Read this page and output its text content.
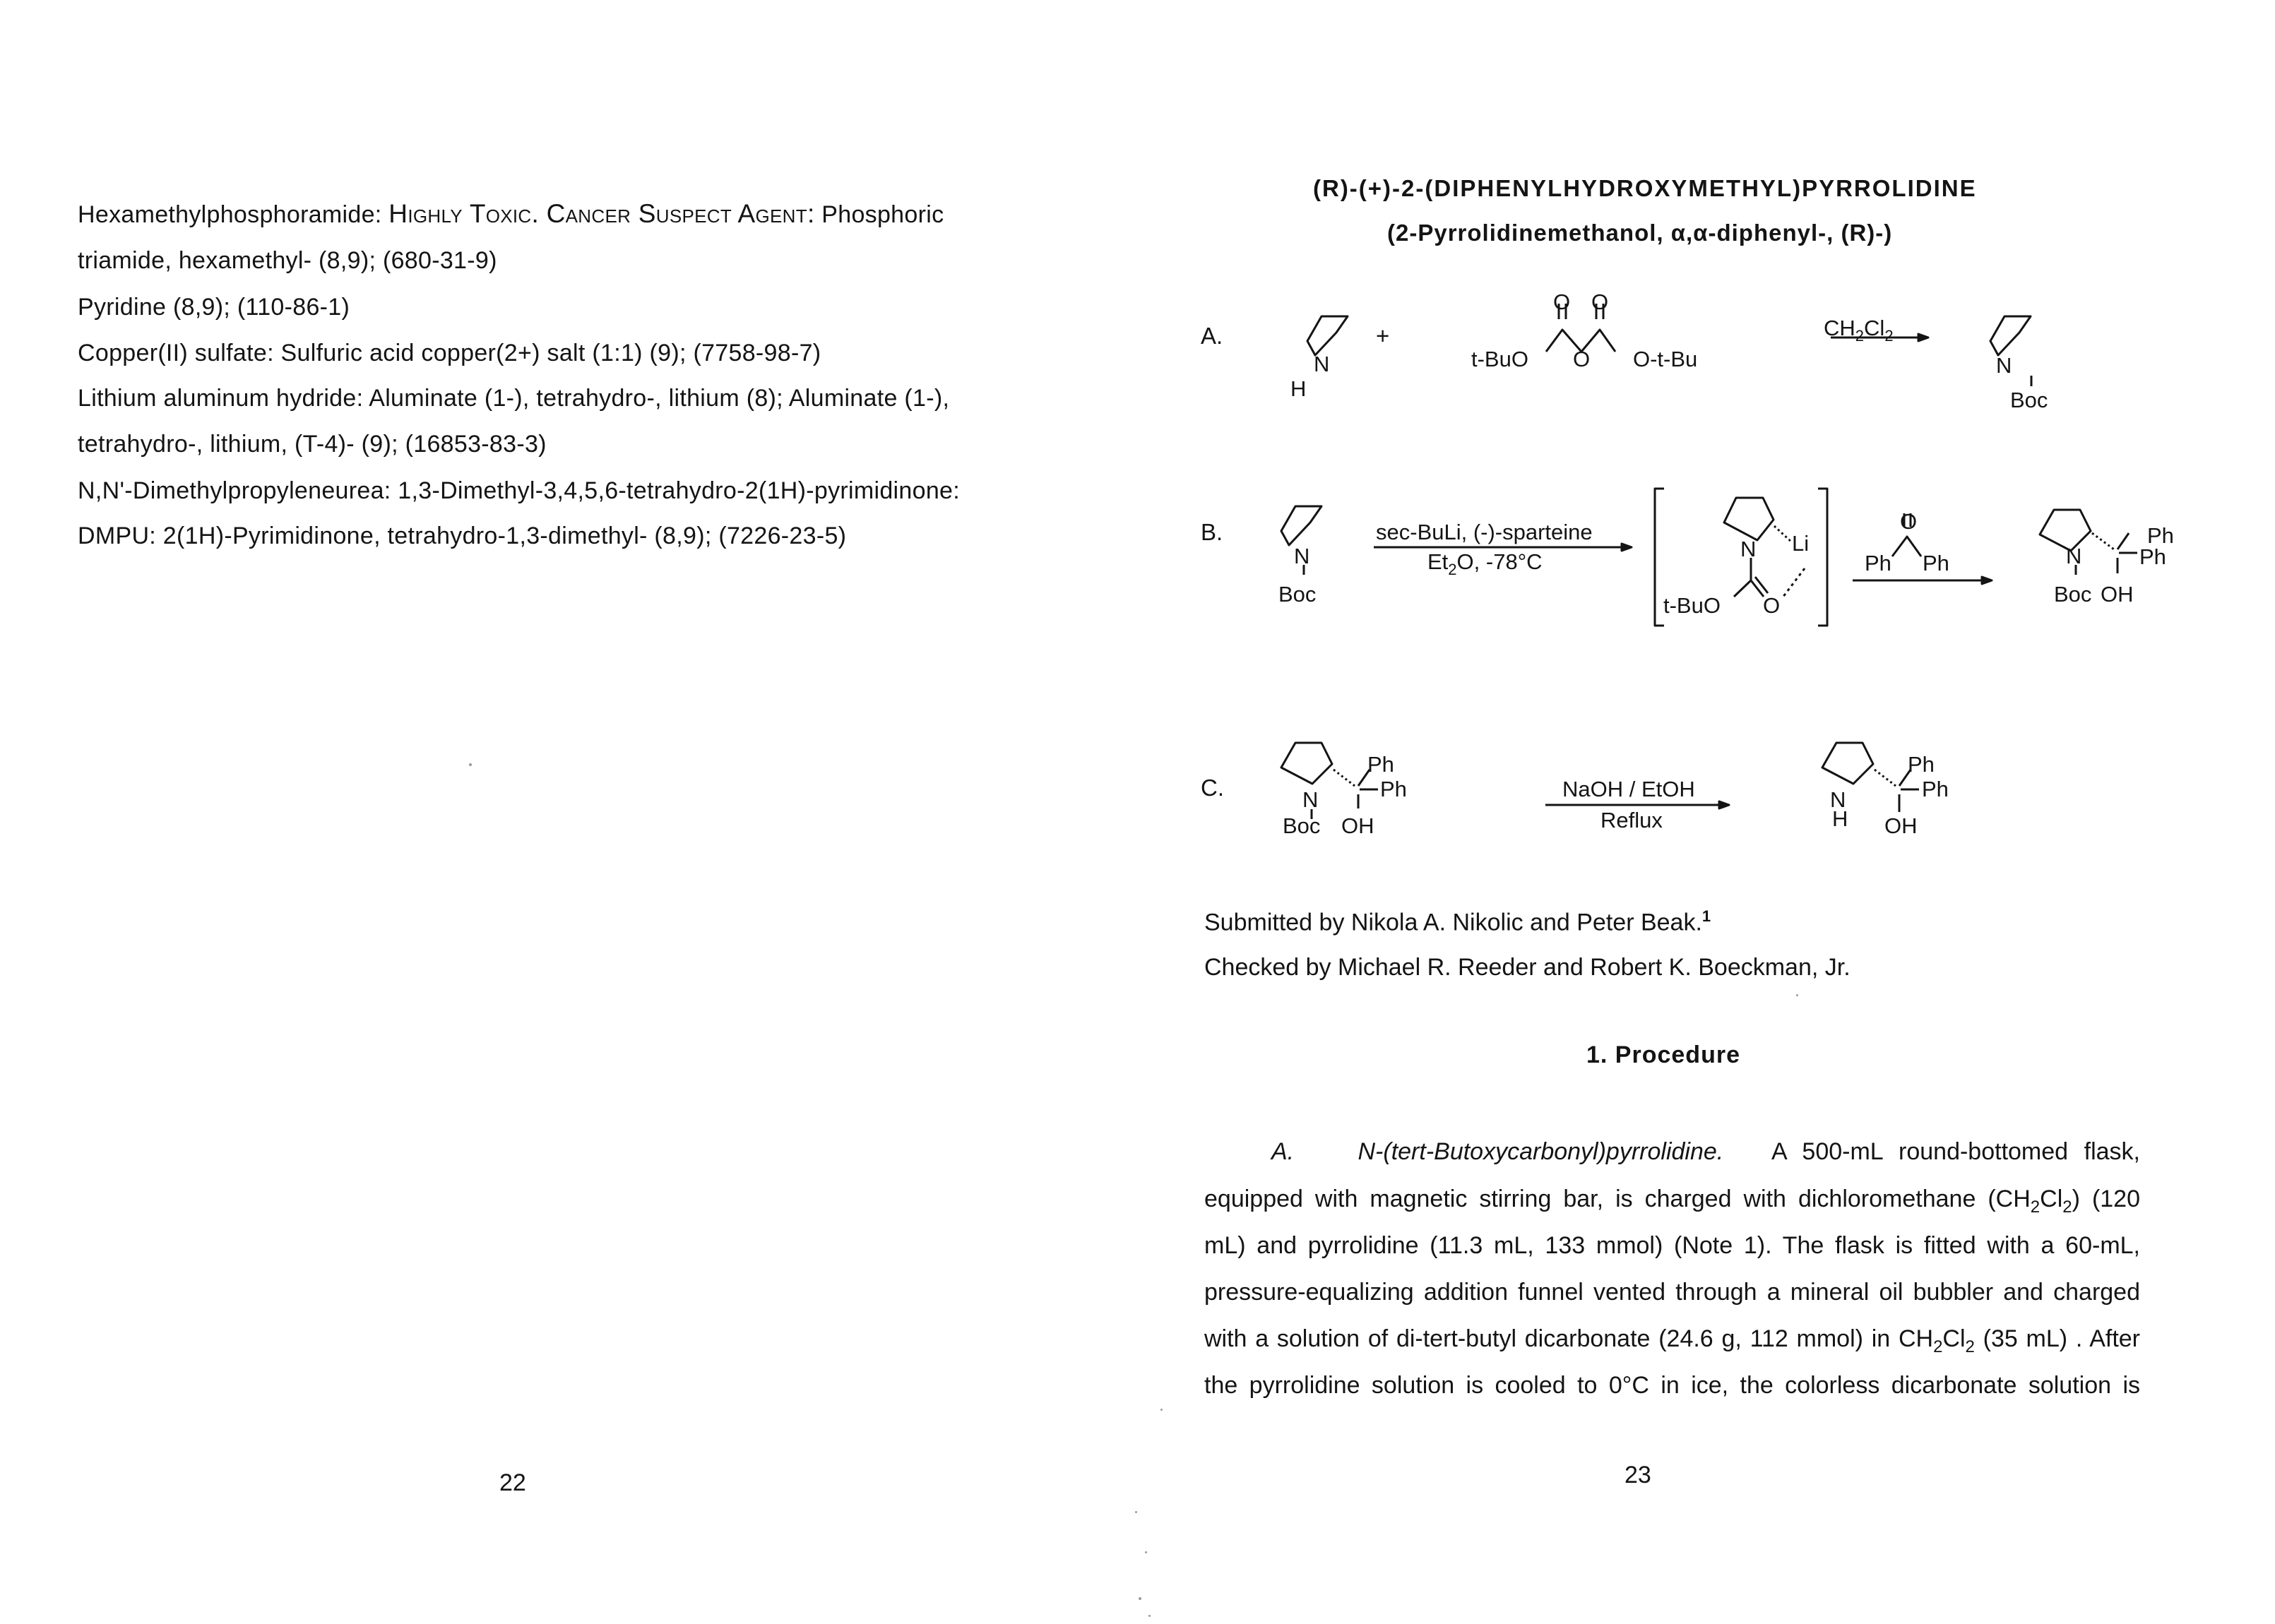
Hexamethylphosphoramide: Highly Toxic. Cancer Suspect Agent: Phosphoric
triamide, hexamethyl- (8,9); (680-31-9)
Pyridine (8,9); (110-86-1)
Copper(II) sulfate: Sulfuric acid copper(2+) salt (1:1) (9); (7758-98-7)
Lithium aluminum hydride: Aluminate (1-), tetrahydro-, lithium (8); Aluminate (1-),
tetrahydro-, lithium, (T-4)- (9); (16853-83-3)
N,N'-Dimethylpropyleneurea: 1,3-Dimethyl-3,4,5,6-tetrahydro-2(1H)-pyrimidinone:
DMPU: 2(1H)-Pyrimidinone, tetrahydro-1,3-dimethyl- (8,9); (7226-23-5)
22
(R)-(+)-2-(DIPHENYLHYDROXYMETHYL)PYRROLIDINE
(2-Pyrrolidinemethanol, α,α-diphenyl-, (R)-)
A.
N
H
+
O O
t-BuO O O-t-Bu
$CH_2Cl_2$
N
Boc
B.
N
Boc
sec-BuLi, (-)-sparteine
$Et_2O$, -78°C
N Li
t-BuO O
O
Ph Ph	N
Ph
Ph
Boc OH
C.	N
Ph
Ph
Boc OH
NaOH / EtOH
Reflux
N
H
Ph
Ph
OH
Submitted by Nikola A. Nikolic and Peter Beak.$^1$
Checked by Michael R. Reeder and Robert K. Boeckman, Jr.
1. Procedure
A.	N-(tert-Butoxycarbonyl)pyrrolidine. A 500-mL round-bottomed flask,
equipped with magnetic stirring bar, is charged with dichloromethane $(CH_2Cl_2)$ (120
mL) and pyrrolidine (11.3 mL, 133 mmol) (Note 1). The flask is fitted with a 60-mL,
pressure-equalizing addition funnel vented through a mineral oil bubbler and charged
with a solution of di-tert-butyl dicarbonate (24.6 g, 112 mmol) in $CH_2Cl_2$ (35 mL) . After
the pyrrolidine solution is cooled to 0°C in ice, the colorless dicarbonate solution is
23
